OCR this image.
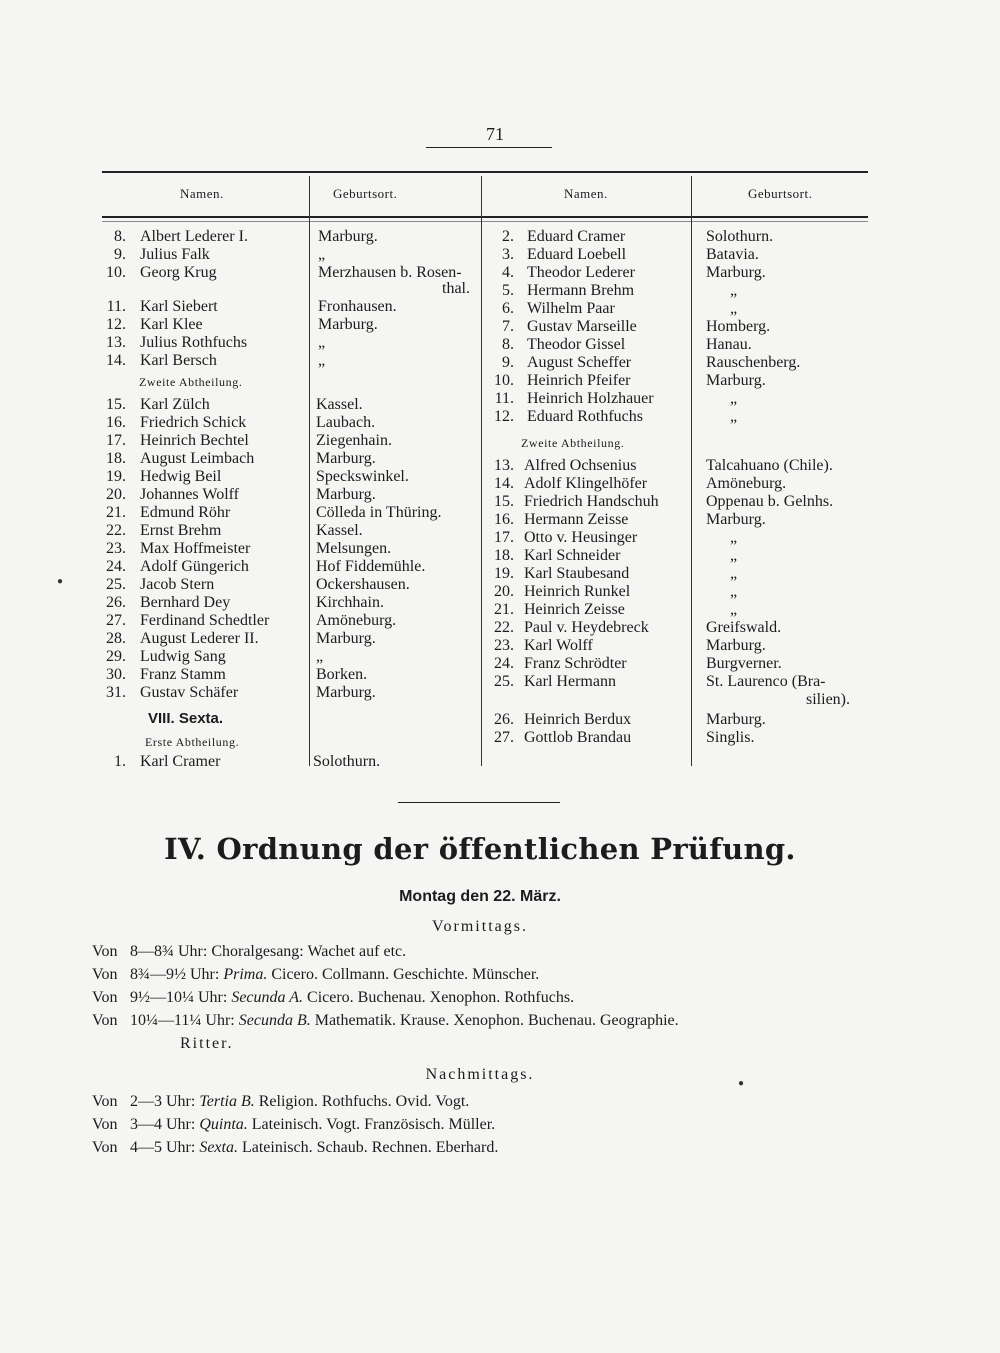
71
Namen.	Geburtsort.	Namen.	Geburtsort.
8. Albert Lederer I.	Marburg.
9. Julius Falk	„
10. Georg Krug	Merzhausen b. Rosen-
thal.
11. Karl Siebert	Fronhausen.
12. Karl Klee	Marburg.
13. Julius Rothfuchs	„
14. Karl Bersch	„
Zweite Abtheilung.
15. Karl Zülch	Kassel.
16. Friedrich Schick	Laubach.
17. Heinrich Bechtel	Ziegenhain.
18. August Leimbach	Marburg.
19. Hedwig Beil	Speckswinkel.
20. Johannes Wolff	Marburg.
21. Edmund Röhr	Cölleda in Thüring.
22. Ernst Brehm	Kassel.
23. Max Hoffmeister	Melsungen.
24. Adolf Güngerich	Hof Fiddemühle.
25. Jacob Stern	Ockershausen.
26. Bernhard Dey	Kirchhain.
27. Ferdinand Schedtler	Amöneburg.
28. August Lederer II.	Marburg.
29. Ludwig Sang	„
30. Franz Stamm	Borken.
31. Gustav Schäfer	Marburg.
VIII. Sexta.
Erste Abtheilung.
1. Karl Cramer	Solothurn.
2. Eduard Cramer	Solothurn.
3. Eduard Loebell	Batavia.
4. Theodor Lederer	Marburg.
5. Hermann Brehm	„
6. Wilhelm Paar	„
7. Gustav Marseille	Homberg.
8. Theodor Gissel	Hanau.
9. August Scheffer	Rauschenberg.
10. Heinrich Pfeifer	Marburg.
11. Heinrich Holzhauer	„
12. Eduard Rothfuchs	„
Zweite Abtheilung.
13. Alfred Ochsenius	Talcahuano (Chile).
14. Adolf Klingelhöfer	Amöneburg.
15. Friedrich Handschuh	Oppenau b. Gelnhs.
16. Hermann Zeisse	Marburg.
17. Otto v. Heusinger	„
18. Karl Schneider	„
19. Karl Staubesand	„
20. Heinrich Runkel	„
21. Heinrich Zeisse	„
22. Paul v. Heydebreck	Greifswald.
23. Karl Wolff	Marburg.
24. Franz Schrödter	Burgverner.
25. Karl Hermann	St. Laurenco (Bra-
silien).
26. Heinrich Berdux	Marburg.
27. Gottlob Brandau	Singlis.
IV. Ordnung der öffentlichen Prüfung.
Montag den 22. März.
Vormittags.
Von 8—8¾ Uhr: Choralgesang: Wachet auf etc.
Von 8¾—9½ Uhr: Prima. Cicero. Collmann. Geschichte. Münscher.
Von 9½—10¼ Uhr: Secunda A. Cicero. Buchenau. Xenophon. Rothfuchs.
Von 10¼—11¼ Uhr: Secunda B. Mathematik. Krause. Xenophon. Buchenau. Geographie.
Ritter.
Nachmittags.
Von 2—3 Uhr: Tertia B. Religion. Rothfuchs. Ovid. Vogt.
Von 3—4 Uhr: Quinta. Lateinisch. Vogt. Französisch. Müller.
Von 4—5 Uhr: Sexta. Lateinisch. Schaub. Rechnen. Eberhard.
●
●
